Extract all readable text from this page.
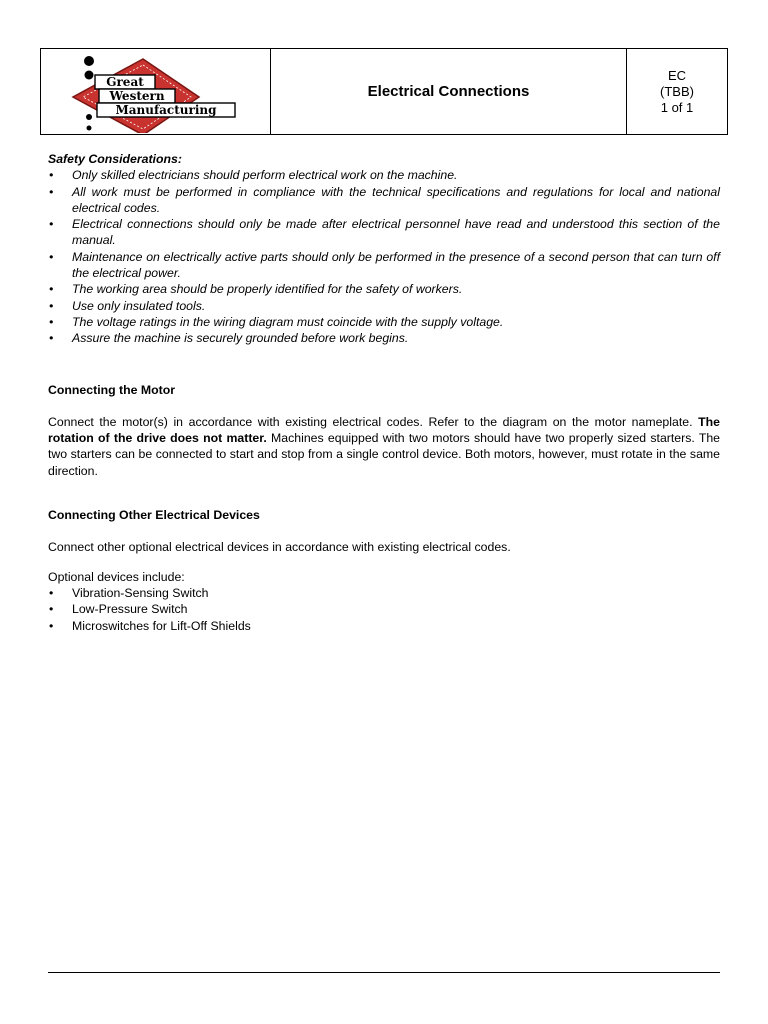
Great
Western
Manufacturing
Electrical Connections
EC
(TBB)
1 of 1
Safety Considerations:
• Only skilled electricians should perform electrical work on the machine.
• All work must be performed in compliance with the technical specifications and regulations for local and national electrical codes.
• Electrical connections should only be made after electrical personnel have read and understood this section of the manual.
• Maintenance on electrically active parts should only be performed in the presence of a second person that can turn off the electrical power.
• The working area should be properly identified for the safety of workers.
• Use only insulated tools.
• The voltage ratings in the wiring diagram must coincide with the supply voltage.
• Assure the machine is securely grounded before work begins.
Connecting the Motor
Connect the motor(s) in accordance with existing electrical codes. Refer to the diagram on the motor nameplate. The rotation of the drive does not matter. Machines equipped with two motors should have two properly sized starters. The two starters can be connected to start and stop from a single control device. Both motors, however, must rotate in the same direction.
Connecting Other Electrical Devices
Connect other optional electrical devices in accordance with existing electrical codes.
Optional devices include:
• Vibration-Sensing Switch
• Low-Pressure Switch
• Microswitches for Lift-Off Shields
